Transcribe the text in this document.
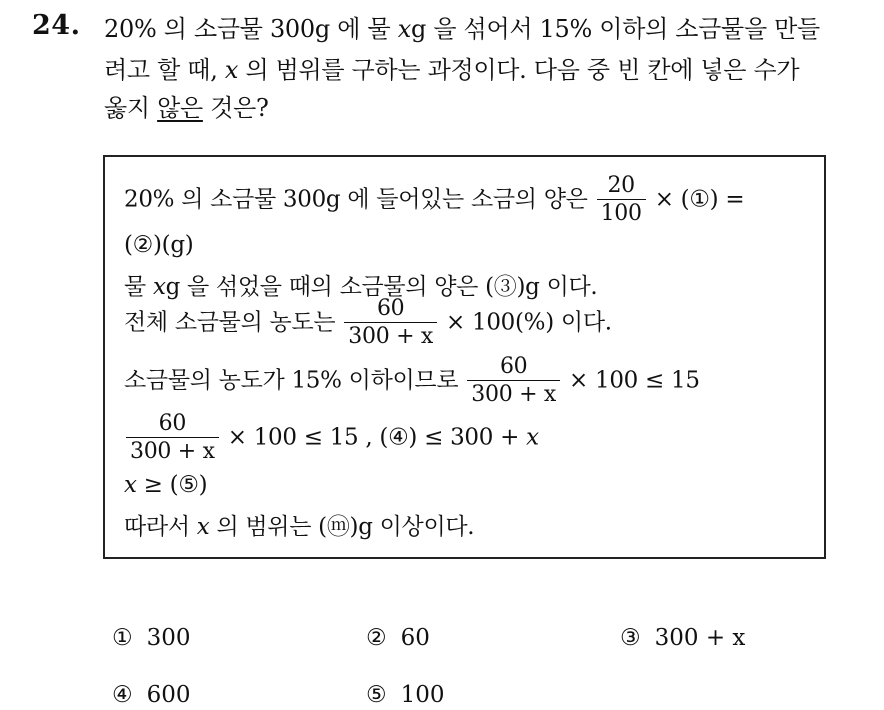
24. 20% 의 소금물 300g 에 물 xg 을 섞어서 15% 이하의 소금물을 만들
려고 할 때, x 의 범위를 구하는 과정이다. 다음 중 빈 칸에 넣은 수가
옳지 않은 것은?
20% 의 소금물 300g 에 들어있는 소금의 양은 $\frac{20}{100}$ × (①) =
(②)(g)
물 xg 을 섞었을 때의 소금물의 양은 (③)g 이다.
전체 소금물의 농도는 $\frac{60}{300 + x} \times 100(\%)$ 이다.
소금물의 농도가 15% 이하이므로 $\frac{60}{300 + x} \times 100 \le 15$
$\frac{60}{300 + x} \times 100 \le 15$ , (④) ≤ 300 + x
x ≥ (⑤)
따라서 x 의 범위는 (ⓜ)g 이상이다.
① 300	② 60	③ 300 + x
④ 600	⑤ 100
